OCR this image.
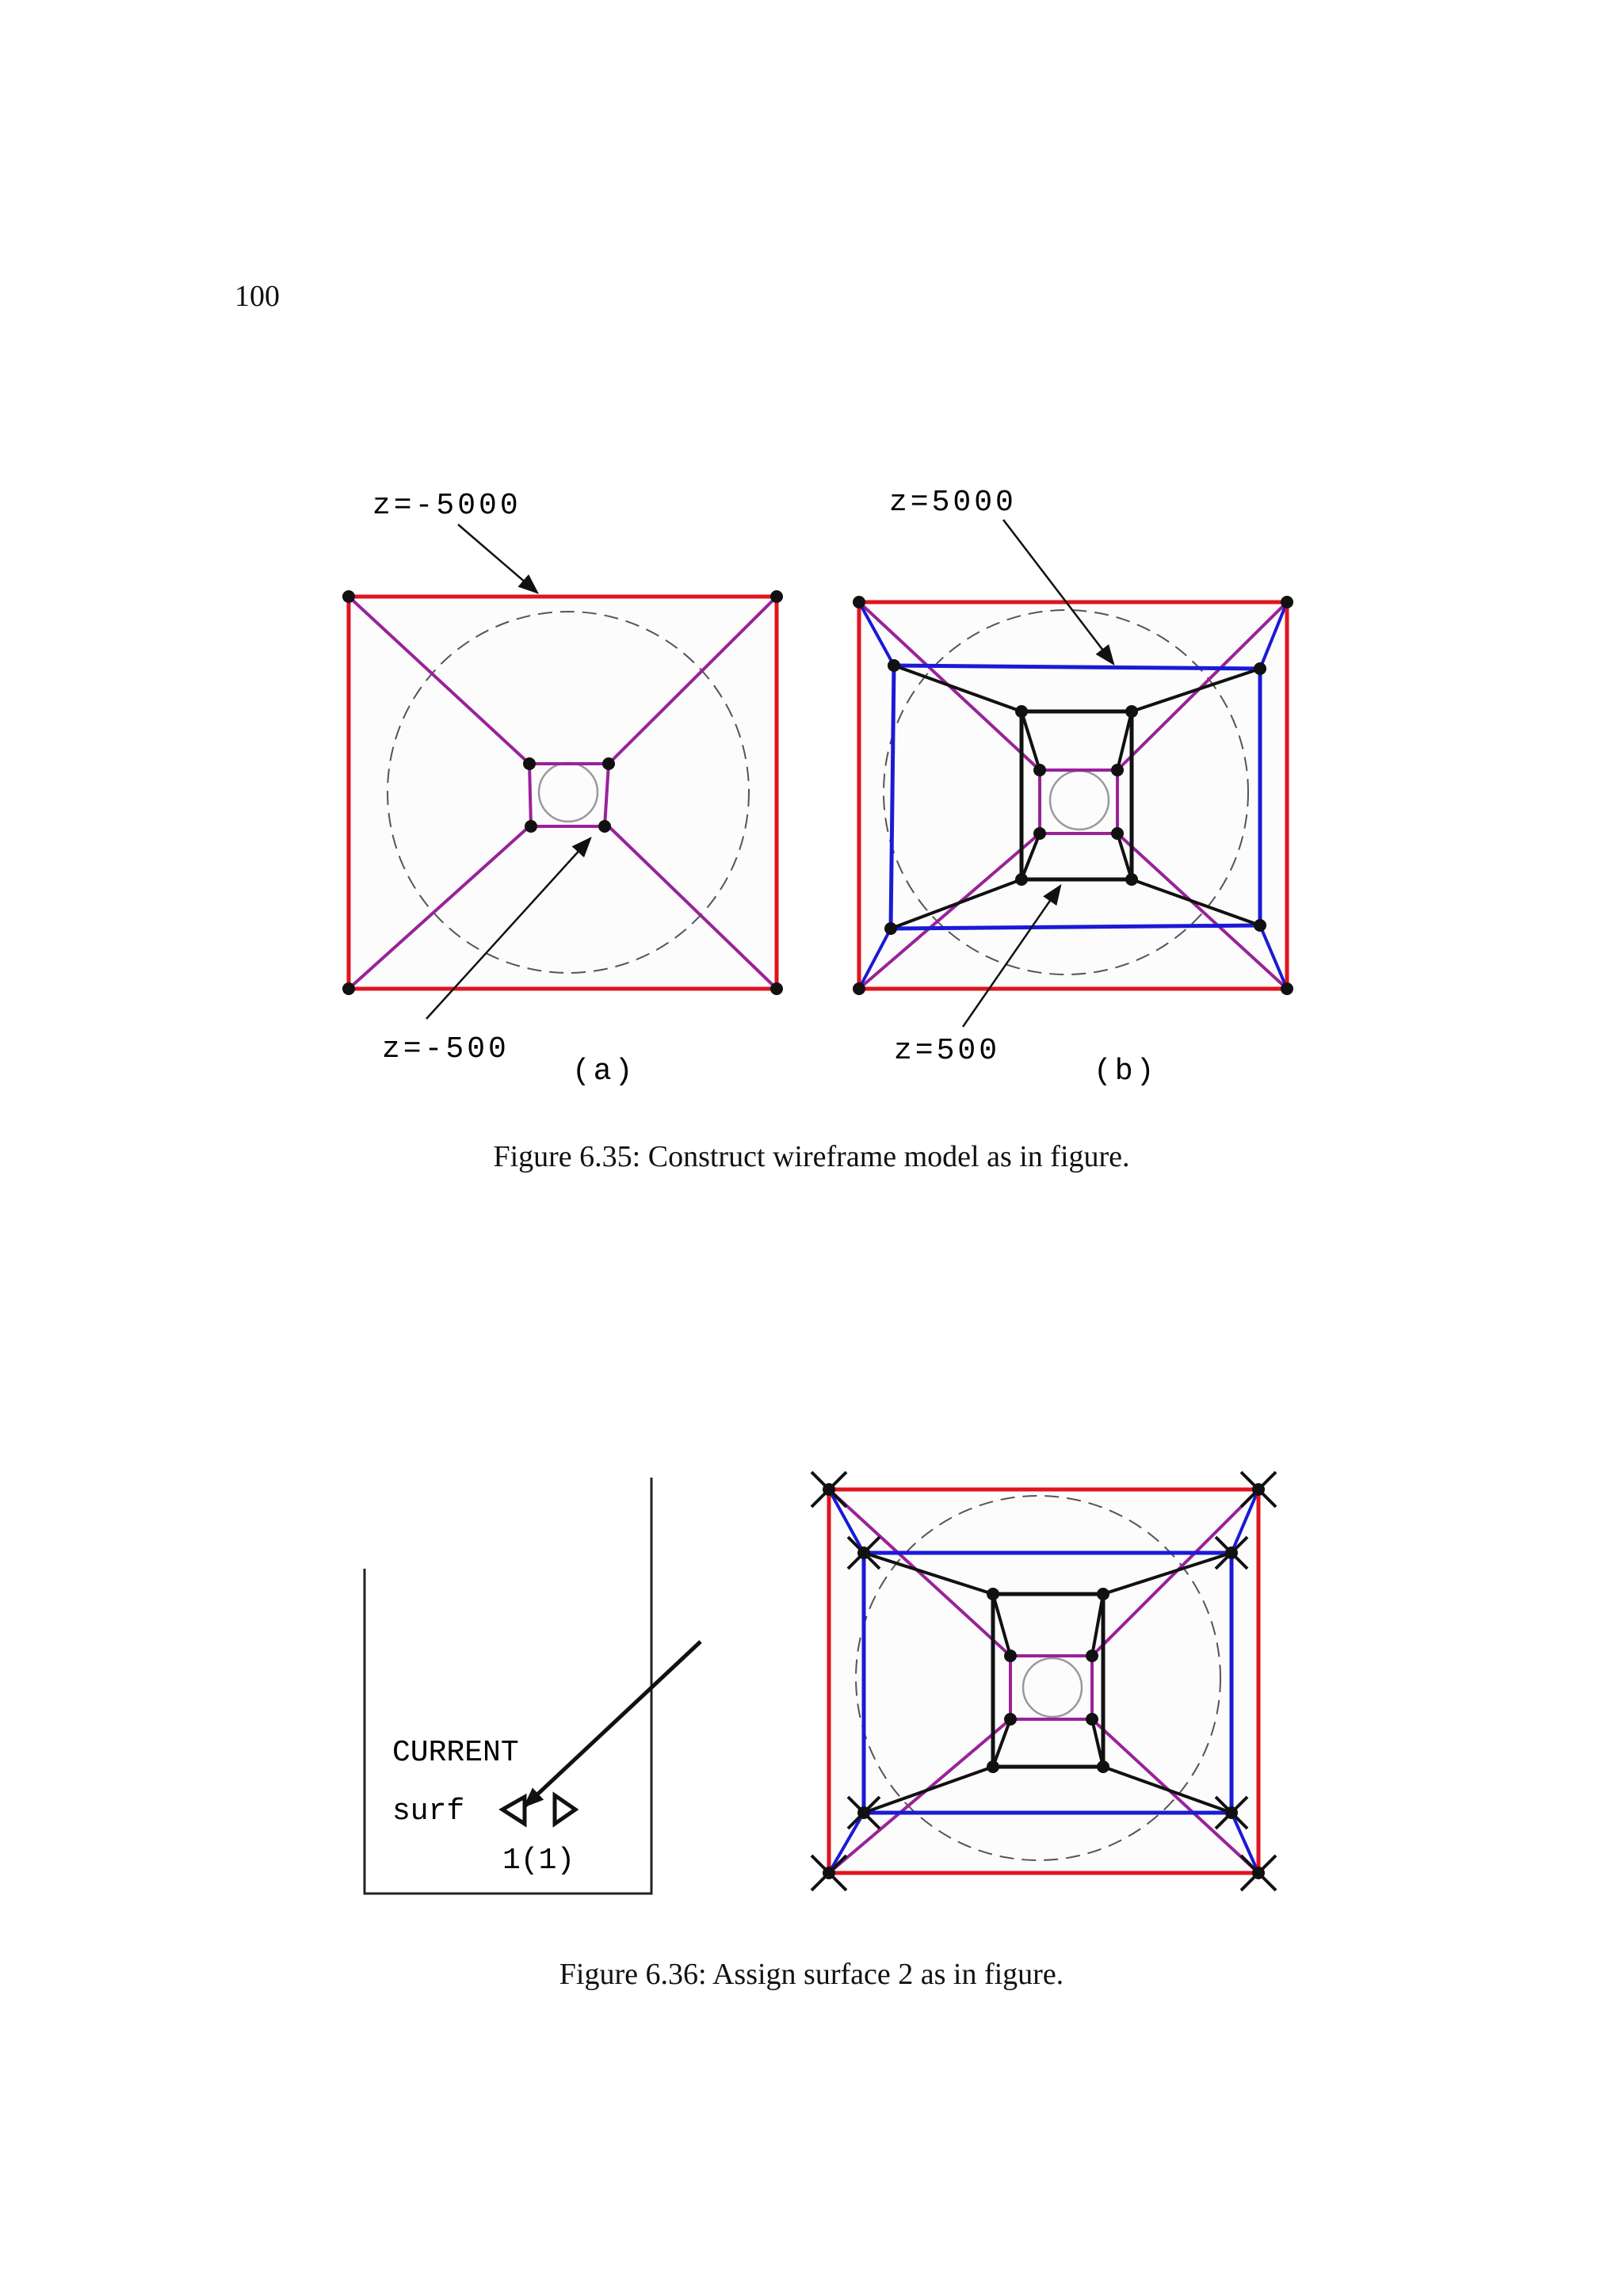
100
z=-5000
z=-500
(a)
z=5000
z=500
(b)
CURRENT
surf
1(1)
Figure 6.35: Construct wireframe model as in figure.
Figure 6.36: Assign surface 2 as in figure.
